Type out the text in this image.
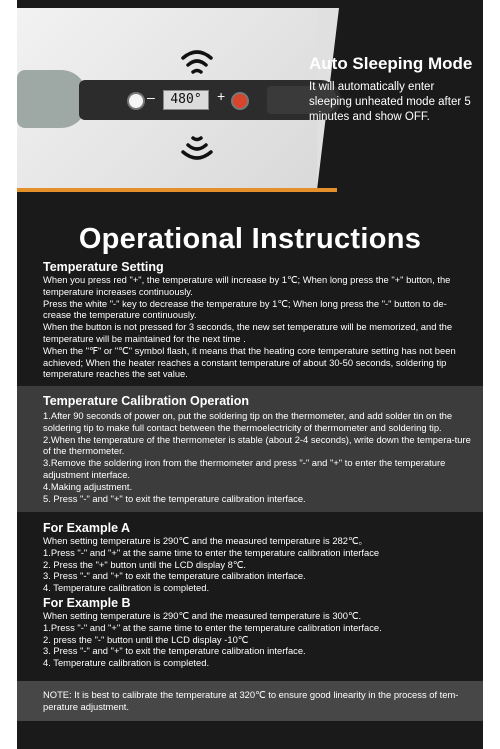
–	480°	+
Auto Sleeping Mode
It will automatically enter sleeping unheated mode after 5 minutes and show OFF.
Operational Instructions
Temperature Setting

When you press red "+", the temperature will increase by 1℃; When long press the "+" button, the temperature increases continuously.

Press the white "-" key to decrease the temperature by 1℃; When long press the "-" button to de-crease the temperature continuously.

When the button is not pressed for 3 seconds, the new set temperature will be memorized, and the temperature will be maintained for the next time .

When the "℉" or "℃" symbol flash, it means that the heating core temperature setting has not been achieved; When the heater reaches a constant temperature of about 30-50 seconds, soldering tip temperature reaches the set value.

Temperature Calibration Operation

1.After 90 seconds of power on, put the soldering tip on the thermometer, and add solder tin on the soldering tip to make full contact between the thermoelectricity of thermometer and soldering tip.

2.When the temperature of the thermometer is stable (about 2-4 seconds), write down the tempera-ture of the thermometer.

3.Remove the soldering iron from the thermometer and press "-" and "+" to enter the temperature adjustment interface.

4.Making adjustment.

5. Press "-" and "+" to exit the temperature calibration interface.

For Example A

When setting temperature is 290℃ and the measured temperature is 282℃。

1.Press "-" and "+" at the same time to enter the temperature calibration interface

2. Press the "+" button until the LCD display 8℃.

3. Press "-" and "+" to exit the temperature calibration interface.

4. Temperature calibration is completed.

For Example B

When setting temperature is 290℃ and the measured temperature is 300℃.

1.Press "-" and "+" at the same time to enter the temperature calibration interface.

2. press the "-" button until the LCD display -10℃

3. Press "-" and "+" to exit the temperature calibration interface.

4. Temperature calibration is completed.

NOTE: It is best to calibrate the temperature at 320℃ to ensure good linearity in the process of tem-perature adjustment.
